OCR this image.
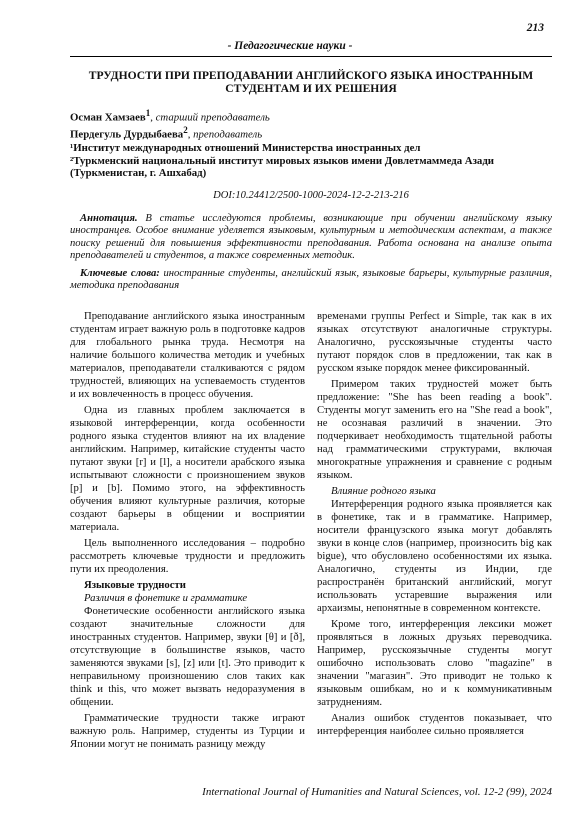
213
- Педагогические науки -
ТРУДНОСТИ ПРИ ПРЕПОДАВАНИИ АНГЛИЙСКОГО ЯЗЫКА ИНОСТРАННЫМ СТУДЕНТАМ И ИХ РЕШЕНИЯ
Осман Хамзаев$^1$, старший преподаватель
Пердегуль Дурдыбаева$^2$, преподаватель
¹Институт международных отношений Министерства иностранных дел
²Туркменский национальный институт мировых языков имени Довлетмаммеда Азади (Туркменистан, г. Ашхабад)
DOI:10.24412/2500-1000-2024-12-2-213-216
Аннотация. В статье исследуются проблемы, возникающие при обучении английскому языку иностранцев. Особое внимание уделяется языковым, культурным и методическим аспектам, а также поиску решений для повышения эффективности преподавания. Работа основана на анализе опыта преподавателей и студентов, а также современных методик.
Ключевые слова: иностранные студенты, английский язык, языковые барьеры, культурные различия, методика преподавания

Преподавание английского языка иностранным студентам играет важную роль в подготовке кадров для глобального рынка труда. Несмотря на наличие большого количества методик и учебных материалов, преподаватели сталкиваются с рядом трудностей, влияющих на успеваемость студентов и их вовлеченность в процесс обучения.

Одна из главных проблем заключается в языковой интерференции, когда особенности родного языка студентов влияют на их владение английским. Например, китайские студенты часто путают звуки [r] и [l], а носители арабского языка испытывают сложности с произношением звуков [p] и [b]. Помимо этого, на эффективность обучения влияют культурные различия, которые создают барьеры в общении и восприятии материала.

Цель выполненного исследования – подробно рассмотреть ключевые трудности и предложить пути их преодоления.

Языковые трудности
Различия в фонетике и грамматике

Фонетические особенности английского языка создают значительные сложности для иностранных студентов. Например, звуки [θ] и [ð], отсутствующие в большинстве языков, часто заменяются звуками [s], [z] или [t]. Это приводит к неправильному произношению слов таких как think и this, что может вызвать недоразумения в общении.

Грамматические трудности также играют важную роль. Например, студенты из Турции и Японии могут не понимать разницу между

временами группы Perfect и Simple, так как в их языках отсутствуют аналогичные структуры. Аналогично, русскоязычные студенты часто путают порядок слов в предложении, так как в русском языке порядок менее фиксированный.

Примером таких трудностей может быть предложение: "She has been reading a book". Студенты могут заменить его на "She read a book", не осознавая различий в значении. Это подчеркивает необходимость тщательной работы над грамматическими структурами, включая многократные упражнения и сравнение с родным языком.

Влияние родного языка

Интерференция родного языка проявляется как в фонетике, так и в грамматике. Например, носители французского языка могут добавлять звуки в конце слов (например, произносить big как bigue), что обусловлено особенностями их языка. Аналогично, студенты из Индии, где распространён британский английский, могут использовать устаревшие выражения или архаизмы, непонятные в современном контексте.

Кроме того, интерференция лексики может проявляться в ложных друзьях переводчика. Например, русскоязычные студенты могут ошибочно использовать слово "magazine" в значении "магазин". Это приводит не только к языковым ошибкам, но и к коммуникативным затруднениям.

Анализ ошибок студентов показывает, что интерференция наиболее сильно проявляется

International Journal of Humanities and Natural Sciences, vol. 12-2 (99), 2024
